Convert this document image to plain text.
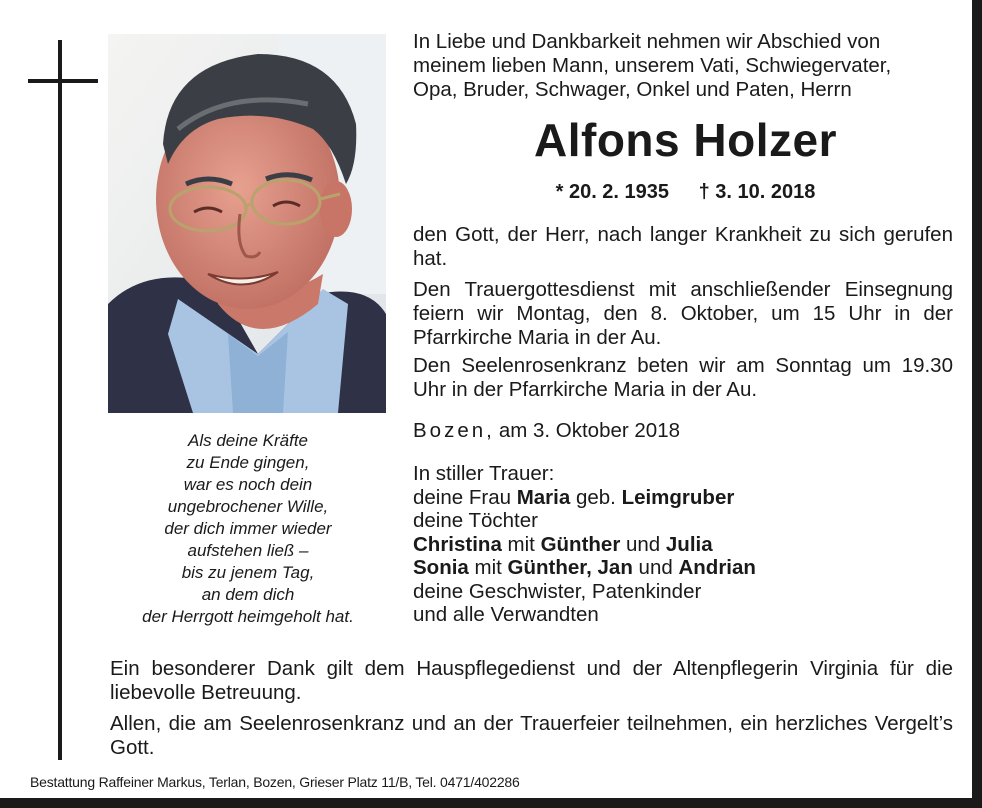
Als deine Kräfte
zu Ende gingen,
war es noch dein
ungebrochener Wille,
der dich immer wieder
aufstehen ließ –
bis zu jenem Tag,
an dem dich
der Herrgott heimgeholt hat.
In Liebe und Dankbarkeit nehmen wir Abschied von
meinem lieben Mann, unserem Vati, Schwiegervater,
Opa, Bruder, Schwager, Onkel und Paten, Herrn
Alfons Holzer
* 20. 2. 1935 † 3. 10. 2018
den Gott, der Herr, nach langer Krankheit zu sich gerufen hat.
Den Trauergottesdienst mit anschließender Einsegnung feiern wir Montag, den 8. Oktober, um 15 Uhr in der Pfarrkirche Maria in der Au.
Den Seelenrosenkranz beten wir am Sonntag um 19.30 Uhr in der Pfarrkirche Maria in der Au.
Bozen, am 3. Oktober 2018
In stiller Trauer:
deine Frau Maria geb. Leimgruber
deine Töchter
Christina mit Günther und Julia
Sonia mit Günther, Jan und Andrian
deine Geschwister, Patenkinder
und alle Verwandten
Ein besonderer Dank gilt dem Hauspflegedienst und der Altenpflegerin Virginia für die liebevolle Betreuung.
Allen, die am Seelenrosenkranz und an der Trauerfeier teilnehmen, ein herzliches Vergelt’s Gott.
Bestattung Raffeiner Markus, Terlan, Bozen, Grieser Platz 11/B, Tel. 0471/402286
